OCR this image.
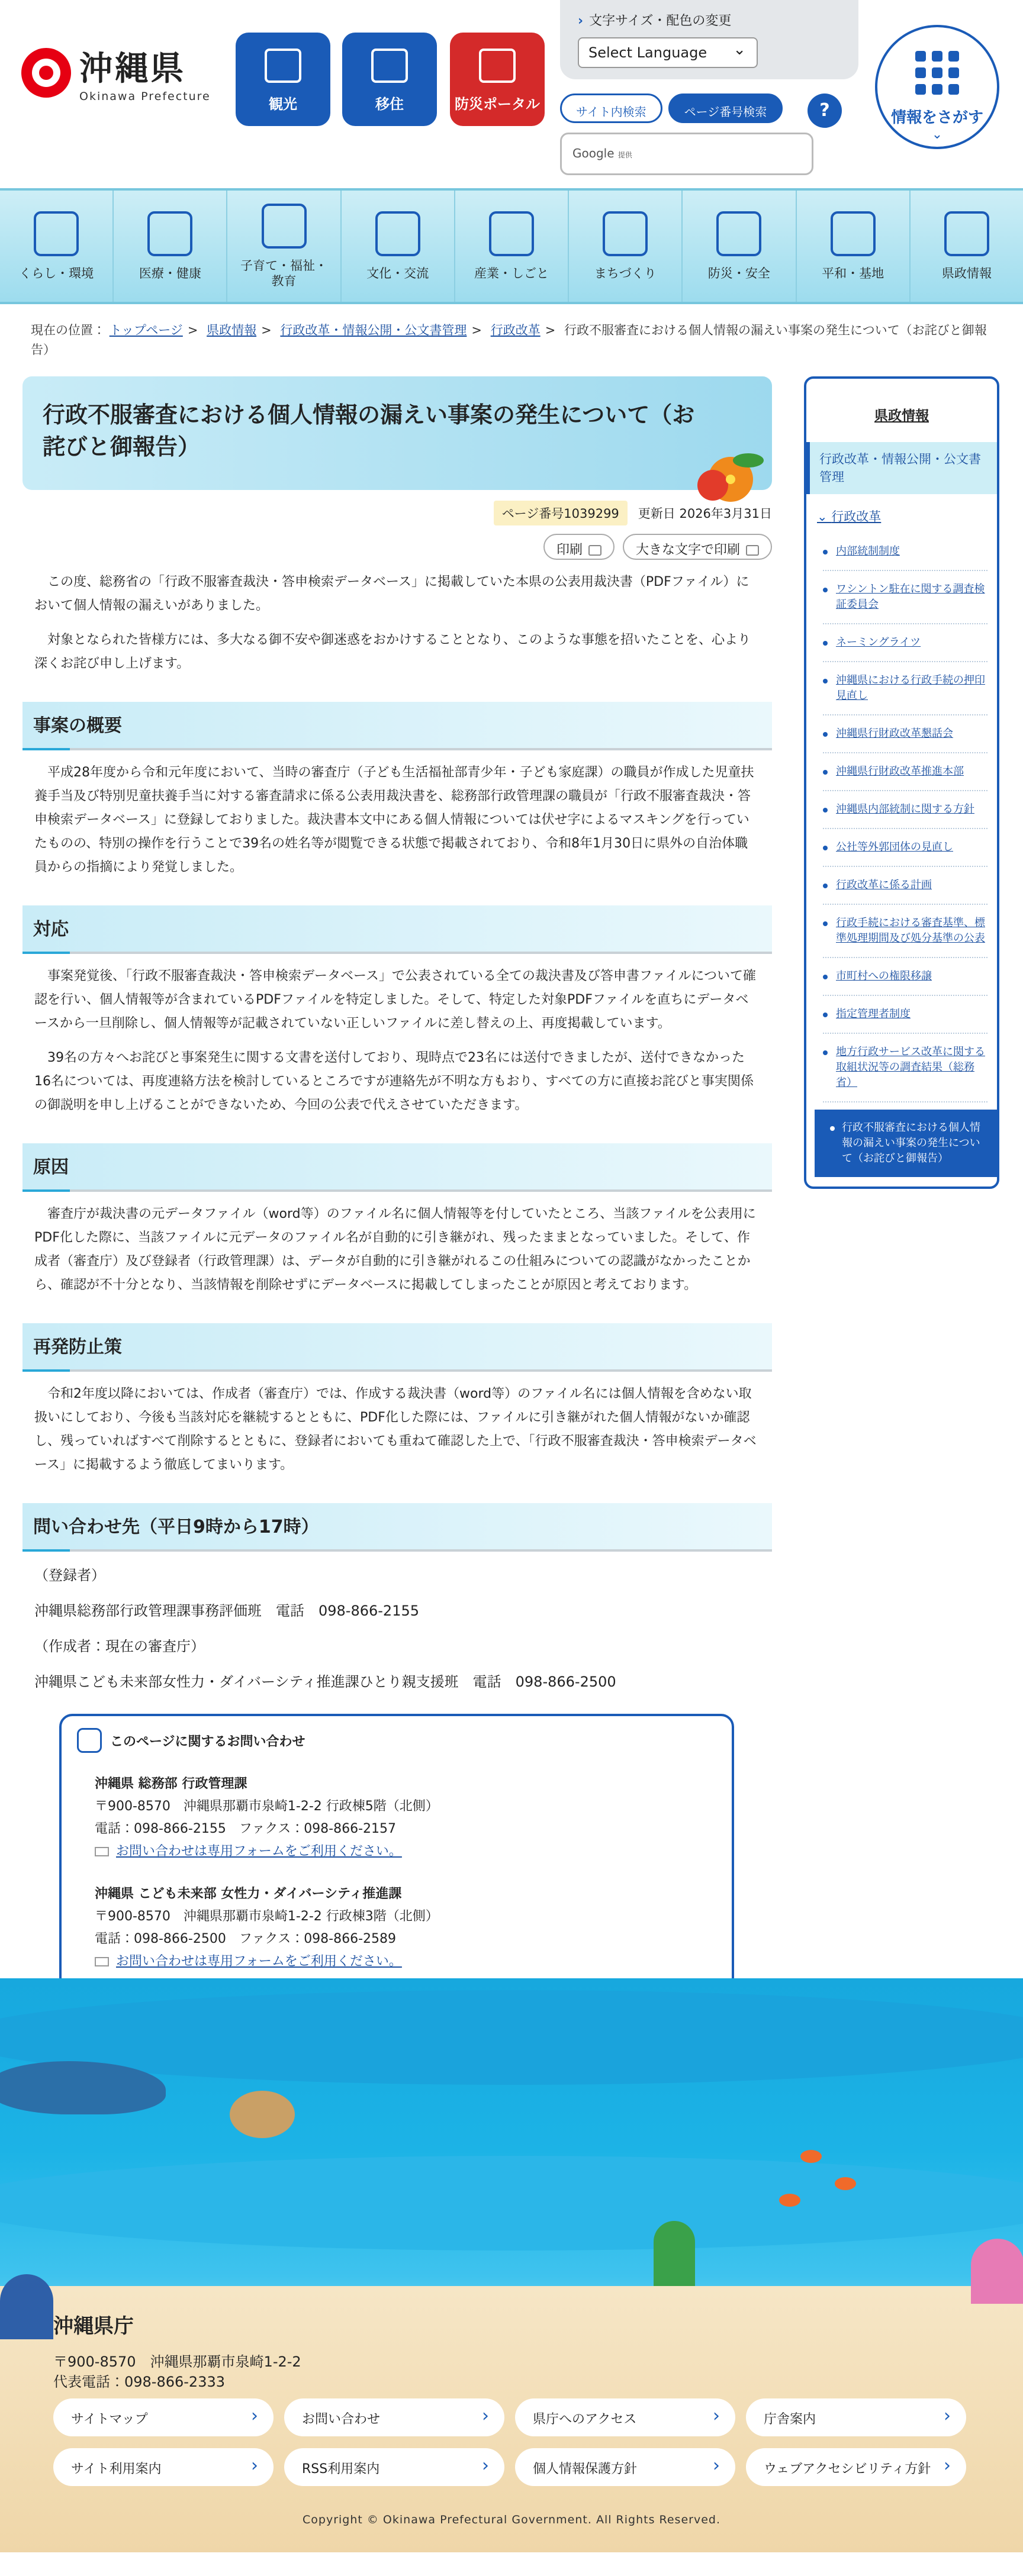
沖縄県
Okinawa Prefecture	観光	移住	防災ポータル
› 文字サイズ・配色の変更
Select Language ⌄
サイト内検索	ページ番号検索	?
Google 提供
情報をさがす
⌄
くらし・環境	医療・健康
子育て・福祉・教育
文化・交流	産業・しごと	まちづくり	防災・安全	平和・基地	県政情報
現在の位置： トップページ > 県政情報 > 行政改革・情報公開・公文書管理 > 行政改革 > 行政不服審査における個人情報の漏えい事案の発生について（お詫びと御報告）
行政不服審査における個人情報の漏えい事案の発生について（お詫びと御報告）
ページ番号1039299	更新日 2026年3月31日
印刷	大きな文字で印刷

この度、総務省の「行政不服審査裁決・答申検索データベース」に掲載していた本県の公表用裁決書（PDFファイル）において個人情報の漏えいがありました。

対象となられた皆様方には、多大なる御不安や御迷惑をおかけすることとなり、このような事態を招いたことを、心より深くお詫び申し上げます。

事案の概要

平成28年度から令和元年度において、当時の審査庁（子ども生活福祉部青少年・子ども家庭課）の職員が作成した児童扶養手当及び特別児童扶養手当に対する審査請求に係る公表用裁決書を、総務部行政管理課の職員が「行政不服審査裁決・答申検索データベース」に登録しておりました。裁決書本文中にある個人情報については伏せ字によるマスキングを行っていたものの、特別の操作を行うことで39名の姓名等が閲覧できる状態で掲載されており、令和8年1月30日に県外の自治体職員からの指摘により発覚しました。

対応

事案発覚後、「行政不服審査裁決・答申検索データベース」で公表されている全ての裁決書及び答申書ファイルについて確認を行い、個人情報等が含まれているPDFファイルを特定しました。そして、特定した対象PDFファイルを直ちにデータベースから一旦削除し、個人情報等が記載されていない正しいファイルに差し替えの上、再度掲載しています。

39名の方々へお詫びと事案発生に関する文書を送付しており、現時点で23名には送付できましたが、送付できなかった16名については、再度連絡方法を検討しているところですが連絡先が不明な方もおり、すべての方に直接お詫びと事実関係の御説明を申し上げることができないため、今回の公表で代えさせていただきます。

原因

審査庁が裁決書の元データファイル（word等）のファイル名に個人情報等を付していたところ、当該ファイルを公表用にPDF化した際に、当該ファイルに元データのファイル名が自動的に引き継がれ、残ったままとなっていました。そして、作成者（審査庁）及び登録者（行政管理課）は、データが自動的に引き継がれるこの仕組みについての認識がなかったことから、確認が不十分となり、当該情報を削除せずにデータベースに掲載してしまったことが原因と考えております。

再発防止策

令和2年度以降においては、作成者（審査庁）では、作成する裁決書（word等）のファイル名には個人情報を含めない取扱いにしており、今後も当該対応を継続するとともに、PDF化した際には、ファイルに引き継がれた個人情報がないか確認し、残っていればすべて削除するとともに、登録者においても重ねて確認した上で、「行政不服審査裁決・答申検索データベース」に掲載するよう徹底してまいります。

問い合わせ先（平日9時から17時）

（登録者）

沖縄県総務部行政管理課事務評価班　電話　098-866-2155

（作成者：現在の審査庁）

沖縄県こども未来部女性力・ダイバーシティ推進課ひとり親支援班　電話　098-866-2500

このページに関するお問い合わせ
沖縄県 総務部 行政管理課
〒900-8570　沖縄県那覇市泉崎1-2-2 行政棟5階（北側）
電話：098-866-2155　ファクス：098-866-2157
お問い合わせは専用フォームをご利用ください。
沖縄県 こども未来部 女性力・ダイバーシティ推進課
〒900-8570　沖縄県那覇市泉崎1-2-2 行政棟3階（北側）
電話：098-866-2500　ファクス：098-866-2589
お問い合わせは専用フォームをご利用ください。
県政情報
行政改革・情報公開・公文書管理
⌄ 行政改革
内部統制制度
ワシントン駐在に関する調査検証委員会
ネーミングライツ
沖縄県における行政手続の押印見直し
沖縄県行財政改革懇話会
沖縄県行財政改革推進本部
沖縄県内部統制に関する方針
公社等外郭団体の見直し
行政改革に係る計画
行政手続における審査基準、標準処理期間及び処分基準の公表
市町村への権限移譲
指定管理者制度
地方行政サービス改革に関する取組状況等の調査結果（総務省）
行政不服審査における個人情報の漏えい事案の発生について（お詫びと御報告）
沖縄県庁
〒900-8570　沖縄県那覇市泉崎1-2-2
代表電話：098-866-2333
サイトマップ ›	お問い合わせ ›	県庁へのアクセス ›	庁舎案内 ›
サイト利用案内 ›	RSS利用案内 ›	個人情報保護方針 ›	ウェブアクセシビリティ方針 ›
Copyright © Okinawa Prefectural Government. All Rights Reserved.
